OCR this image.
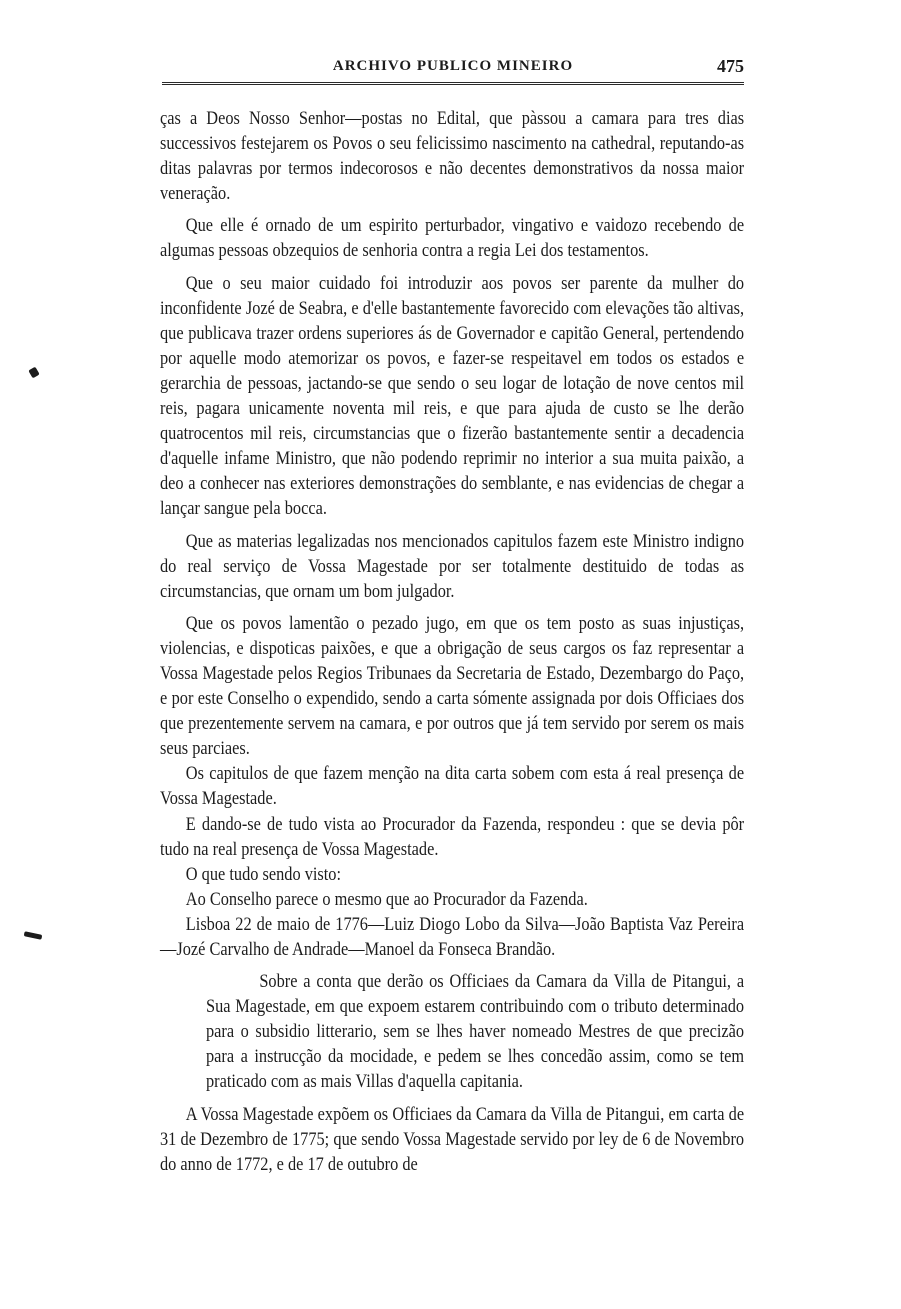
ARCHIVO PUBLICO MINEIRO	475

ças a Deos Nosso Senhor—postas no Edital, que pàssou a camara para tres dias successivos festejarem os Povos o seu felicissimo nascimento na cathedral, reputando-as ditas palavras por termos indecorosos e não decentes demonstrativos da nossa maior veneração.

Que elle é ornado de um espirito perturbador, vingativo e vaidozo recebendo de algumas pessoas obzequios de senhoria contra a regia Lei dos testamentos.

Que o seu maior cuidado foi introduzir aos povos ser parente da mulher do inconfidente Jozé de Seabra, e d'elle bastantemente favorecido com elevações tão altivas, que publicava trazer ordens superiores ás de Governador e capitão General, pertendendo por aquelle modo atemorizar os povos, e fazer-se respeitavel em todos os estados e gerarchia de pessoas, jactando-se que sendo o seu logar de lotação de nove centos mil reis, pagara unicamente noventa mil reis, e que para ajuda de custo se lhe derão quatrocentos mil reis, circumstancias que o fizerão bastantemente sentir a decadencia d'aquelle infame Ministro, que não podendo reprimir no interior a sua muita paixão, a deo a conhecer nas exteriores demonstrações do semblante, e nas evidencias de chegar a lançar sangue pela bocca.

Que as materias legalizadas nos mencionados capitulos fazem este Ministro indigno do real serviço de Vossa Magestade por ser totalmente destituido de todas as circumstancias, que ornam um bom julgador.

Que os povos lamentão o pezado jugo, em que os tem posto as suas injustiças, violencias, e dispoticas paixões, e que a obrigação de seus cargos os faz representar a Vossa Magestade pelos Regios Tribunaes da Secretaria de Estado, Dezembargo do Paço, e por este Conselho o expendido, sendo a carta sómente assignada por dois Officiaes dos que prezentemente servem na camara, e por outros que já tem servido por serem os mais seus parciaes.

Os capitulos de que fazem menção na dita carta sobem com esta á real presença de Vossa Magestade.

E dando-se de tudo vista ao Procurador da Fazenda, respondeu : que se devia pôr tudo na real presença de Vossa Magestade.

O que tudo sendo visto:

Ao Conselho parece o mesmo que ao Procurador da Fazenda.

Lisboa 22 de maio de 1776—Luiz Diogo Lobo da Silva—João Baptista Vaz Pereira—Jozé Carvalho de Andrade—Manoel da Fonseca Brandão.

Sobre a conta que derão os Officiaes da Camara da Villa de Pitangui, a Sua Magestade, em que expoem estarem contribuindo com o tributo determinado para o subsidio litterario, sem se lhes haver nomeado Mestres de que precizão para a instrucção da mocidade, e pedem se lhes concedão assim, como se tem praticado com as mais Villas d'aquella capitania.

A Vossa Magestade expõem os Officiaes da Camara da Villa de Pitangui, em carta de 31 de Dezembro de 1775; que sendo Vossa Magestade servido por ley de 6 de Novembro do anno de 1772, e de 17 de outubro de
